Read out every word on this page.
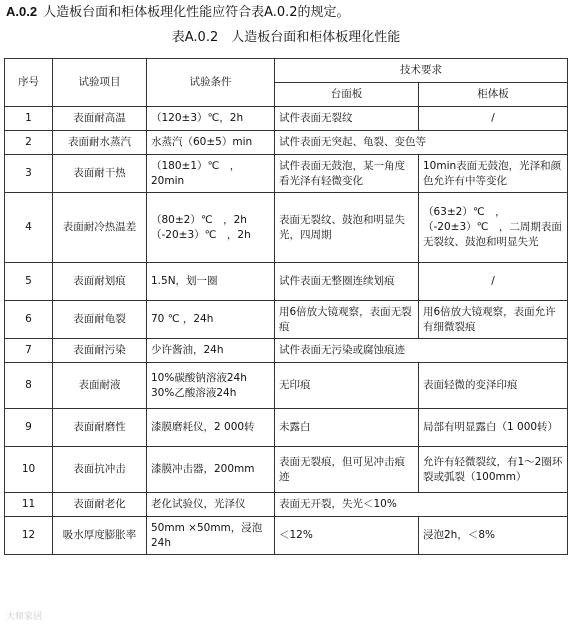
A.0.2 人造板台面和柜体板理化性能应符合表A.0.2的规定。
表A.0.2　人造板台面和柜体板理化性能
序号	试验项目	试验条件	技术要求	
			台面板	柜体板
1	表面耐高温	（120±3）℃，2h	试件表面无裂纹	/
2	表面耐水蒸汽	水蒸汽（60±5）min	试件表面无突起、龟裂、变色等	
3	表面耐干热	（180±1）℃　，
20min	试件表面无鼓泡，某一角度看光泽有轻微变化	10min表面无鼓泡，光泽和颜色允许有中等变化
4	表面耐冷热温差	（80±2）℃　，2h
（-20±3）℃　，2h	表面无裂纹、鼓泡和明显失光，四周期	（63±2）℃　，（-20±3）℃　，二周期表面无裂纹、鼓泡和明显失光
5	表面耐划痕	1.5N，划一圈	试件表面无整圈连续划痕	/
6	表面耐龟裂	70 ℃ ，24h	用6倍放大镜观察，表面无裂痕	用6倍放大镜观察，表面允许有细微裂痕
7	表面耐污染	少许酱油，24h	试件表面无污染或腐蚀痕迹	
8	表面耐液	10%碳酸钠溶液24h
30%乙酸溶液24h	无印痕	表面轻微的变泽印痕
9	表面耐磨性	漆膜磨耗仪，2 000转	未露白	局部有明显露白（1 000转）
10	表面抗冲击	漆膜冲击器，200mm	表面无裂痕，但可见冲击痕迹	允许有轻微裂纹，有1～2圈环裂或弧裂（100mm）
11	表面耐老化	老化试验仪，光泽仪	表面无开裂，失光＜10%	
12	吸水厚度膨胀率	50mm ×50mm，浸泡24h	＜12%	浸泡2h，＜8%
大师家居
